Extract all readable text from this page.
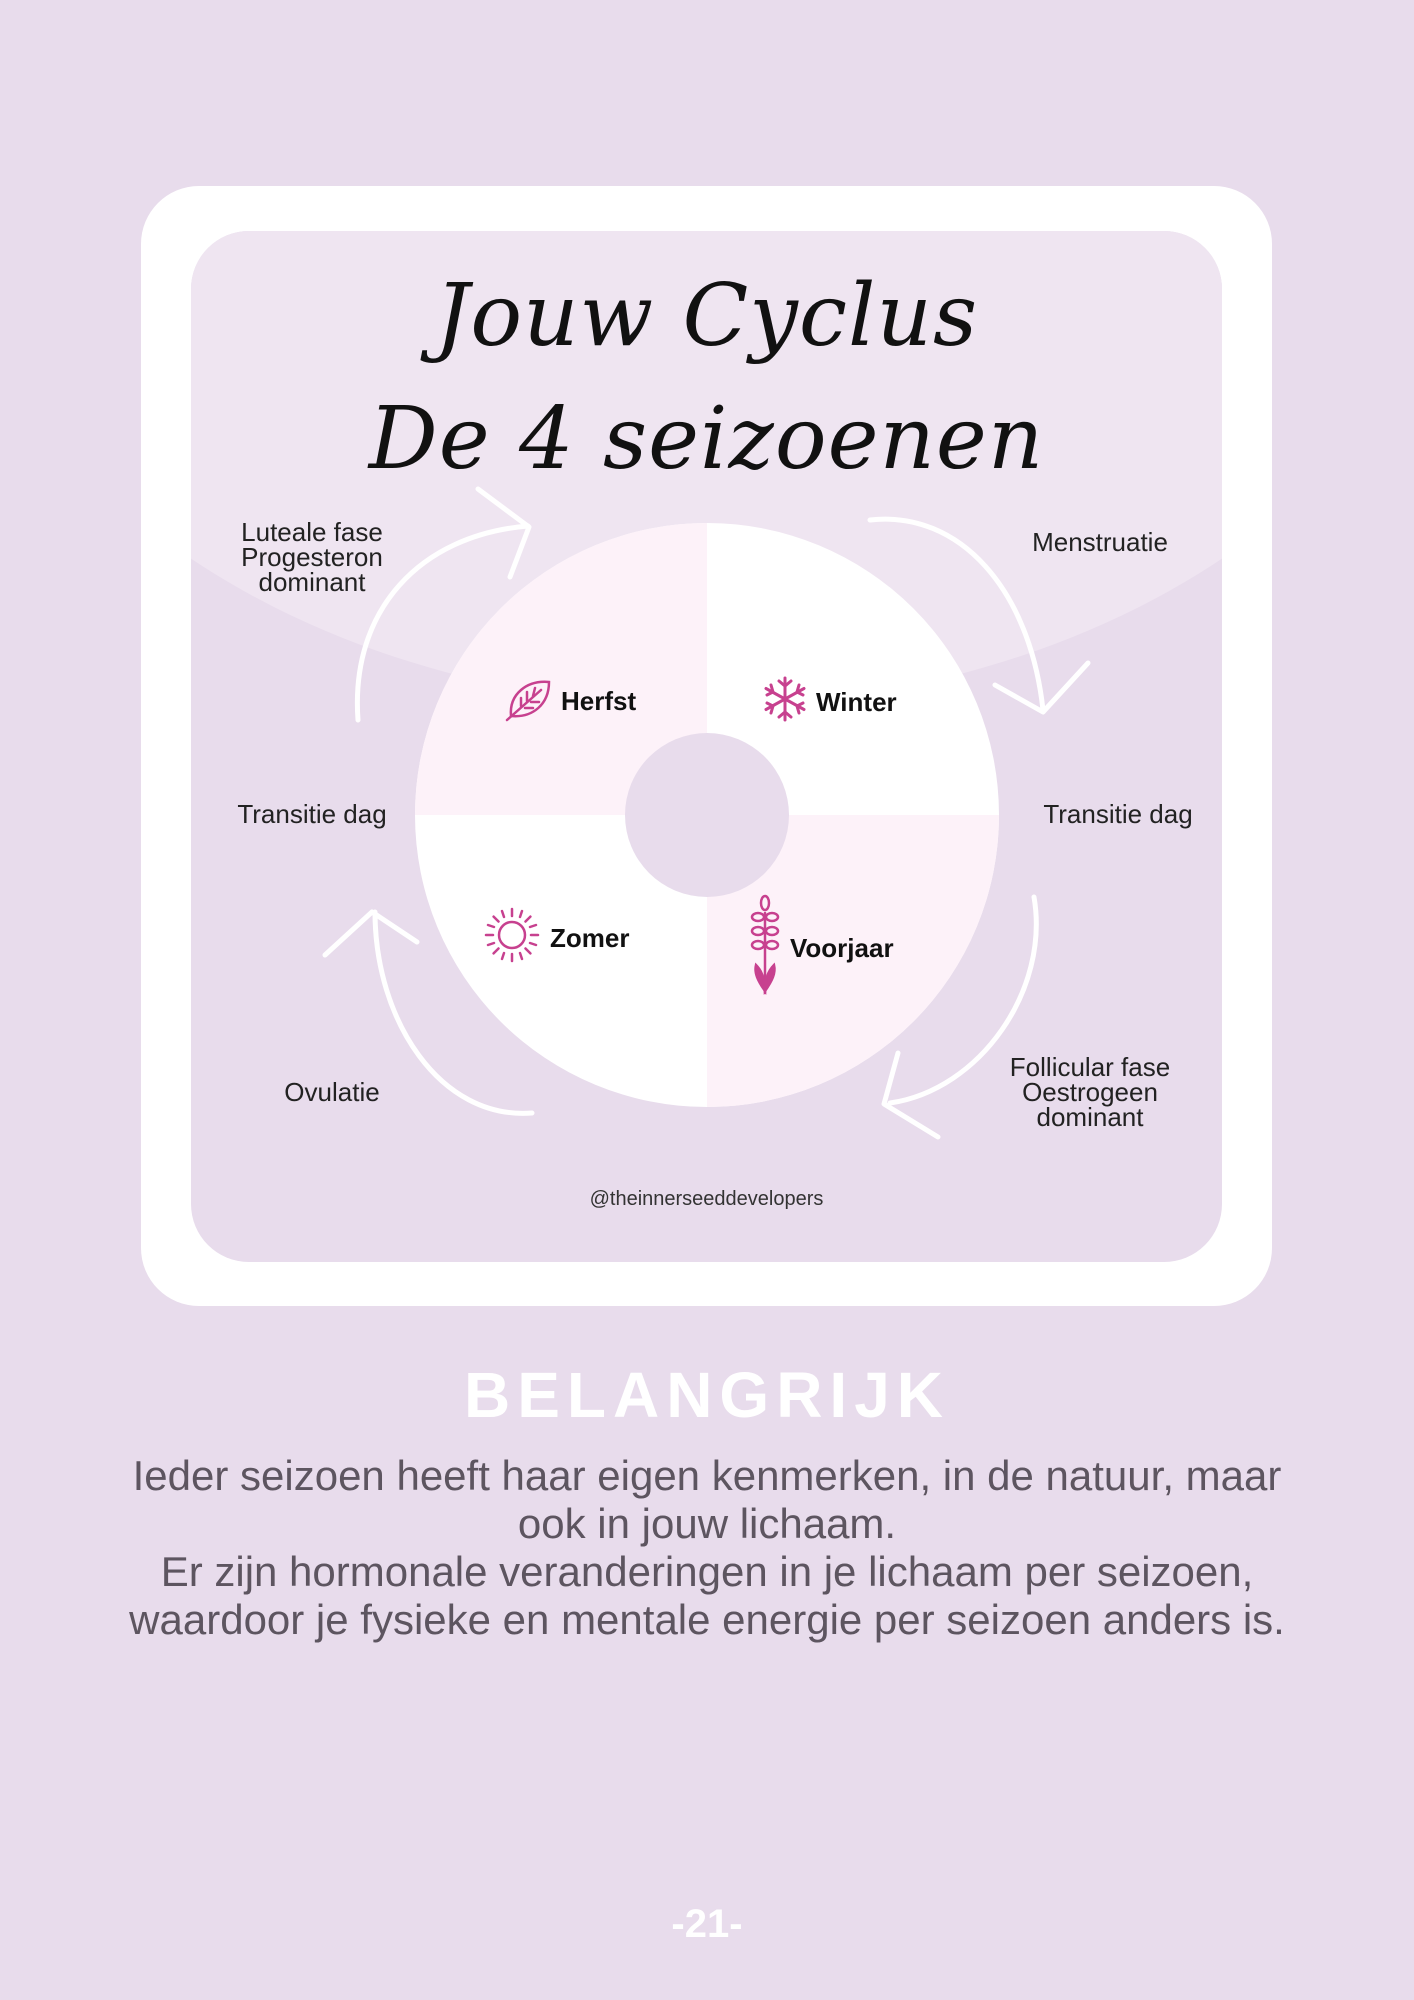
Jouw Cyclus
De 4 seizoenen
@theinnerseeddevelopers
Herfst	Winter
Zomer	Voorjaar
Luteale fase
Progesteron
dominant
Menstruatie
Transitie dag	Transitie dag
Ovulatie
Follicular fase
Oestrogeen
dominant
BELANGRIJK

Ieder seizoen heeft haar eigen kenmerken, in de natuur, maar ook in jouw lichaam.

Er zijn hormonale veranderingen in je lichaam per seizoen, waardoor je fysieke en mentale energie per seizoen anders is.

-21-
